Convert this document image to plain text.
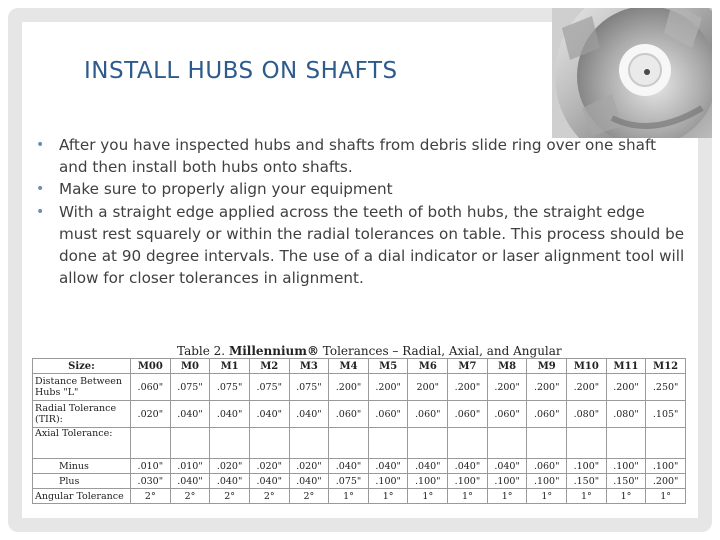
INSTALL HUBS ON SHAFTS
• After you have inspected hubs and shafts from debris slide ring over one shaft and then install both hubs onto shafts.
• Make sure to properly align your equipment
• With a straight edge applied across the teeth of both hubs, the straight edge must rest squarely or within the radial tolerances on table. This process should be done at 90 degree intervals. The use of a dial indicator or laser alignment tool will allow for closer tolerances in alignment.
Table 2. Millennium® Tolerances – Radial, Axial, and Angular
Size:	M00	M0	M1	M2	M3	M4	M5	M6	M7	M8	M9	M10	M11	M12
Distance Between Hubs "L"	.060"	.075"	.075"	.075"	.075"	.200"	.200"	200"	.200"	.200"	.200"	.200"	.200"	.250"
Radial Tolerance (TIR):	.020"	.040"	.040"	.040"	.040"	.060"	.060"	.060"	.060"	.060"	.060"	.080"	.080"	.105"
Axial Tolerance:														
Minus	.010"	.010"	.020"	.020"	.020"	.040"	.040"	.040"	.040"	.040"	.060"	.100"	.100"	.100"
Plus	.030"	.040"	.040"	.040"	.040"	.075"	.100"	.100"	.100"	.100"	.100"	.150"	.150"	.200"
Angular Tolerance	2°	2°	2°	2°	2°	1°	1°	1°	1°	1°	1°	1°	1°	1°
